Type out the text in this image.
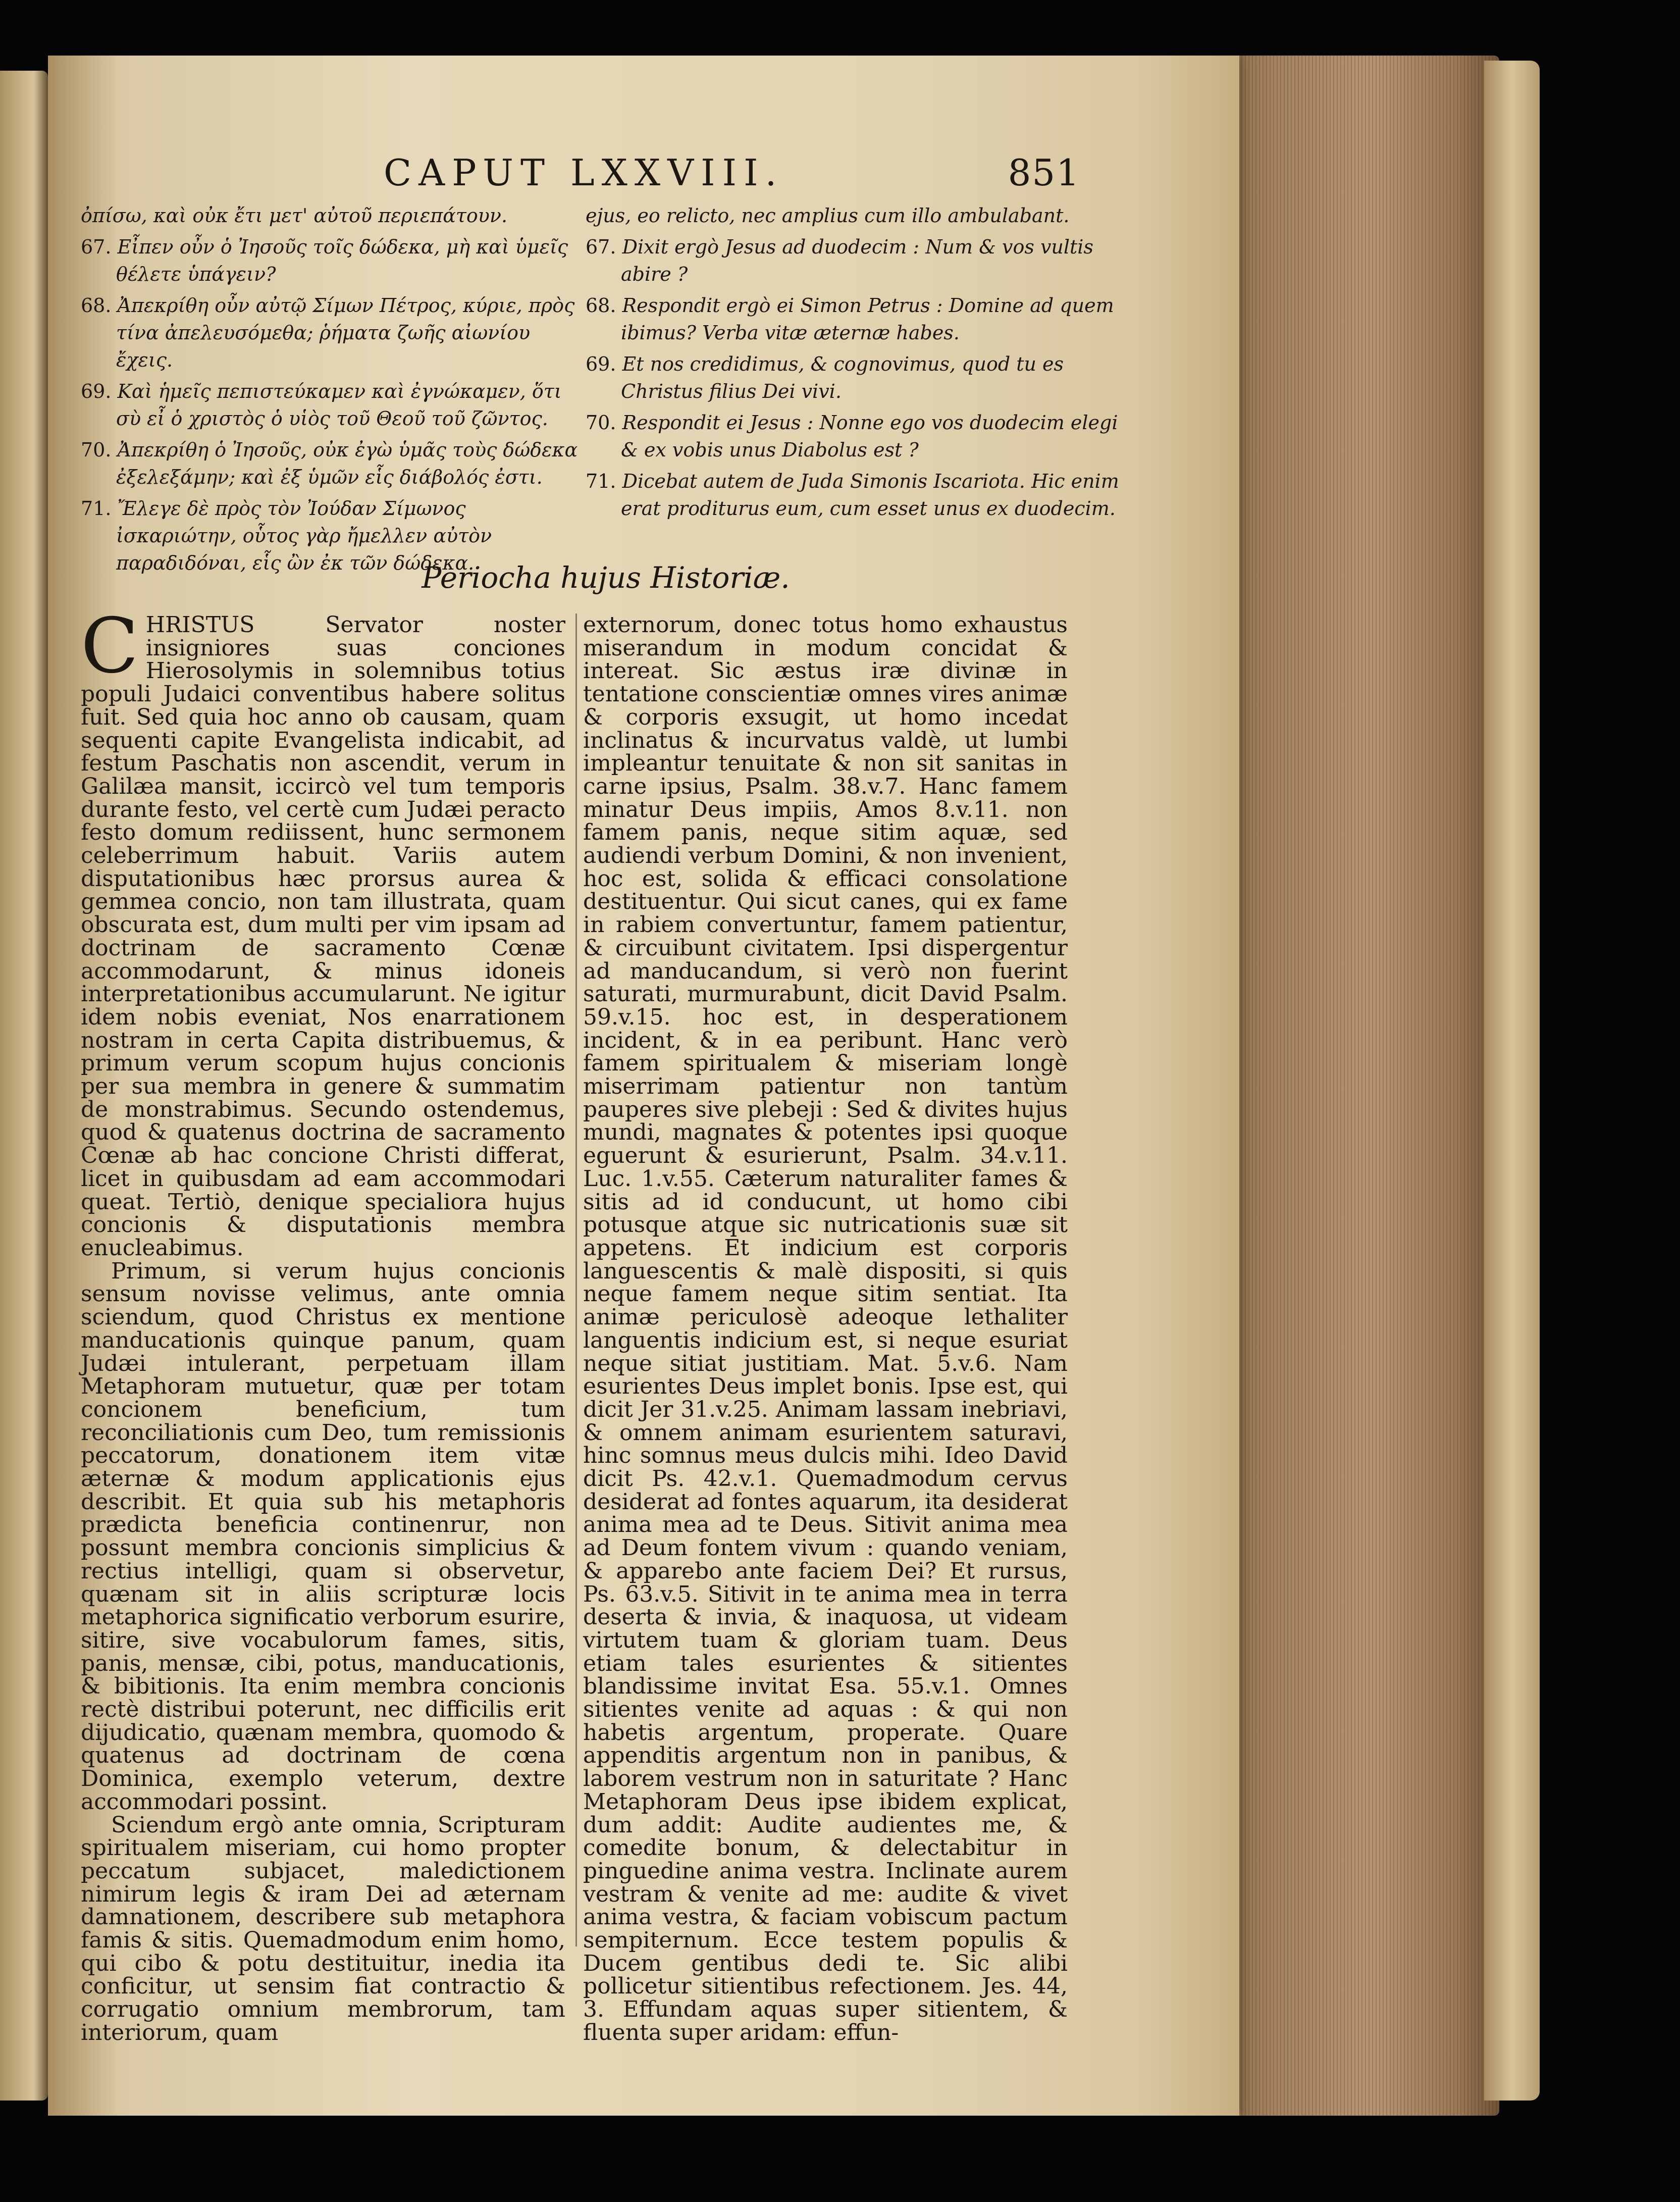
CAPUT LXXVIII.	851
ὀπίσω, καὶ οὐκ ἔτι μετ' αὐτοῦ περιεπάτουν.
67. Εἶπεν οὖν ὁ Ἰησοῦς τοῖς δώδεκα, μὴ καὶ ὑμεῖς θέλετε ὑπάγειν?
68. Ἀπεκρίθη οὖν αὐτῷ Σίμων Πέτρος, κύριε, πρὸς τίνα ἀπελευσόμεθα; ῥήματα ζωῆς αἰωνίου ἔχεις.
69. Καὶ ἡμεῖς πεπιστεύκαμεν καὶ ἐγνώκαμεν, ὅτι σὺ εἶ ὁ χριστὸς ὁ υἱὸς τοῦ Θεοῦ τοῦ ζῶντος.
70. Ἀπεκρίθη ὁ Ἰησοῦς, οὐκ ἐγὼ ὑμᾶς τοὺς δώδεκα ἐξελεξάμην; καὶ ἐξ ὑμῶν εἷς διάβολός ἐστι.
71. Ἔλεγε δὲ πρὸς τὸν Ἰούδαν Σίμωνος ἰσκαριώτην, οὗτος γὰρ ἤμελλεν αὐτὸν παραδιδόναι, εἷς ὢν ἐκ τῶν δώδεκα.
ejus, eo relicto, nec amplius cum illo ambulabant.
67. Dixit ergò Jesus ad duodecim : Num & vos vultis abire ?
68. Respondit ergò ei Simon Petrus : Domine ad quem ibimus? Verba vitæ æternæ habes.
69. Et nos credidimus, & cognovimus, quod tu es Christus filius Dei vivi.
70. Respondit ei Jesus : Nonne ego vos duodecim elegi & ex vobis unus Diabolus est ?
71. Dicebat autem de Juda Simonis Iscariota. Hic enim erat proditurus eum, cum esset unus ex duodecim.
Periocha hujus Historiæ.

CHRISTUS Servator noster insigniores suas conciones Hierosolymis in solemnibus totius populi Judaici conventibus habere solitus fuit. Sed quia hoc anno ob causam, quam sequenti capite Evangelista indicabit, ad festum Paschatis non ascendit, verum in Galilæa mansit, iccircò vel tum temporis durante festo, vel certè cum Judæi peracto festo domum rediissent, hunc sermonem celeberrimum habuit. Variis autem disputationibus hæc prorsus aurea & gemmea concio, non tam illustrata, quam obscurata est, dum multi per vim ipsam ad doctrinam de sacramento Cœnæ accommodarunt, & minus idoneis interpretationibus accumularunt. Ne igitur idem nobis eveniat, Nos enarrationem nostram in certa Capita distribuemus, & primum verum scopum hujus concionis per sua membra in genere & summatim de monstrabimus. Secundo ostendemus, quod & quatenus doctrina de sacramento Cœnæ ab hac concione Christi differat, licet in quibusdam ad eam accommodari queat. Tertiò, denique specialiora hujus concionis & disputationis membra enucleabimus.

Primum, si verum hujus concionis sensum novisse velimus, ante omnia sciendum, quod Christus ex mentione manducationis quinque panum, quam Judæi intulerant, perpetuam illam Metaphoram mutuetur, quæ per totam concionem beneficium, tum reconciliationis cum Deo, tum remissionis peccatorum, donationem item vitæ æternæ & modum applicationis ejus describit. Et quia sub his metaphoris prædicta beneficia continenrur, non possunt membra concionis simplicius & rectius intelligi, quam si observetur, quænam sit in aliis scripturæ locis metaphorica significatio verborum esurire, sitire, sive vocabulorum fames, sitis, panis, mensæ, cibi, potus, manducationis, & bibitionis. Ita enim membra concionis rectè distribui poterunt, nec difficilis erit dijudicatio, quænam membra, quomodo & quatenus ad doctrinam de cœna Dominica, exemplo veterum, dextre accommodari possint.

Sciendum ergò ante omnia, Scripturam spiritualem miseriam, cui homo propter peccatum subjacet, maledictionem nimirum legis & iram Dei ad æternam damnationem, describere sub metaphora famis & sitis. Quemadmodum enim homo, qui cibo & potu destituitur, inedia ita conficitur, ut sensim fiat contractio & corrugatio omnium membrorum, tam interiorum, quam

externorum, donec totus homo exhaustus miserandum in modum concidat & intereat. Sic æstus iræ divinæ in tentatione conscientiæ omnes vires animæ & corporis exsugit, ut homo incedat inclinatus & incurvatus valdè, ut lumbi impleantur tenuitate & non sit sanitas in carne ipsius, Psalm. 38.v.7. Hanc famem minatur Deus impiis, Amos 8.v.11. non famem panis, neque sitim aquæ, sed audiendi verbum Domini, & non invenient, hoc est, solida & efficaci consolatione destituentur. Qui sicut canes, qui ex fame in rabiem convertuntur, famem patientur, & circuibunt civitatem. Ipsi dispergentur ad manducandum, si verò non fuerint saturati, murmurabunt, dicit David Psalm. 59.v.15. hoc est, in desperationem incident, & in ea peribunt. Hanc verò famem spiritualem & miseriam longè miserrimam patientur non tantùm pauperes sive plebeji : Sed & divites hujus mundi, magnates & potentes ipsi quoque eguerunt & esurierunt, Psalm. 34.v.11. Luc. 1.v.55. Cæterum naturaliter fames & sitis ad id conducunt, ut homo cibi potusque atque sic nutricationis suæ sit appetens. Et indicium est corporis languescentis & malè dispositi, si quis neque famem neque sitim sentiat. Ita animæ periculosè adeoque lethaliter languentis indicium est, si neque esuriat neque sitiat justitiam. Mat. 5.v.6. Nam esurientes Deus implet bonis. Ipse est, qui dicit Jer 31.v.25. Animam lassam inebriavi, & omnem animam esurientem saturavi, hinc somnus meus dulcis mihi. Ideo David dicit Ps. 42.v.1. Quemadmodum cervus desiderat ad fontes aquarum, ita desiderat anima mea ad te Deus. Sitivit anima mea ad Deum fontem vivum : quando veniam, & apparebo ante faciem Dei? Et rursus, Ps. 63.v.5. Sitivit in te anima mea in terra deserta & invia, & inaquosa, ut videam virtutem tuam & gloriam tuam. Deus etiam tales esurientes & sitientes blandissime invitat Esa. 55.v.1. Omnes sitientes venite ad aquas : & qui non habetis argentum, properate. Quare appenditis argentum non in panibus, & laborem vestrum non in saturitate ? Hanc Metaphoram Deus ipse ibidem explicat, dum addit: Audite audientes me, & comedite bonum, & delectabitur in pinguedine anima vestra. Inclinate aurem vestram & venite ad me: audite & vivet anima vestra, & faciam vobiscum pactum sempiternum. Ecce testem populis & Ducem gentibus dedi te. Sic alibi pollicetur sitientibus refectionem. Jes. 44, 3. Effundam aquas super sitientem, & fluenta super aridam: effun-
